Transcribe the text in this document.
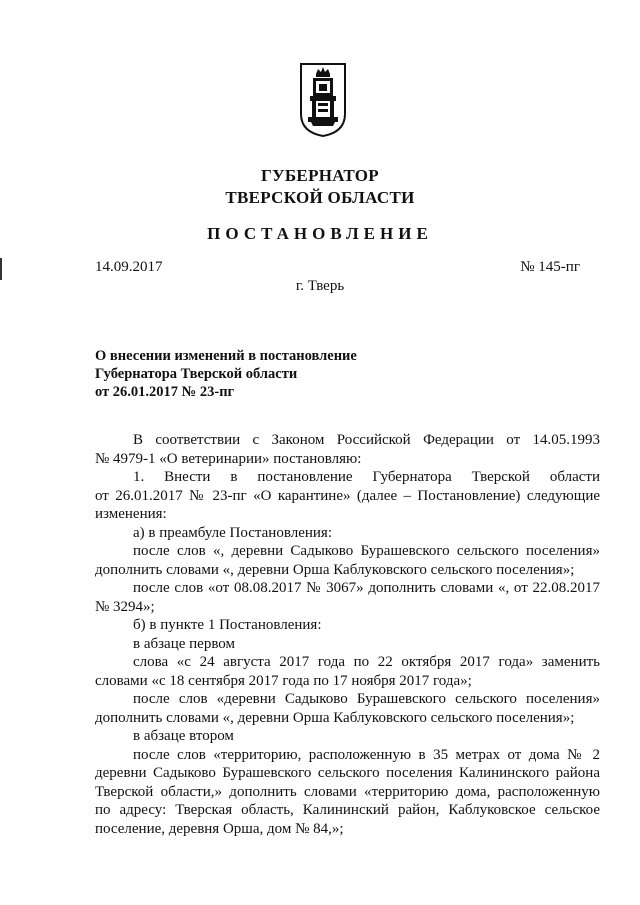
ГУБЕРНАТОР
ТВЕРСКОЙ ОБЛАСТИ
ПОСТАНОВЛЕНИЕ
14.09.2017	№ 145-пг
г. Тверь
О внесении изменений в постановление
Губернатора Тверской области
от 26.01.2017 № 23-пг

В соответствии с Законом Российской Федерации от 14.05.1993

№ 4979-1 «О ветеринарии» постановляю:

1. Внести в постановление Губернатора Тверской области

от 26.01.2017 № 23-пг «О карантине» (далее – Постановление) следующие

изменения:

а) в преамбуле Постановления:

после слов «, деревни Садыково Бурашевского сельского поселения»

дополнить словами «, деревни Орша Каблуковского сельского поселения»;

после слов «от 08.08.2017 № 3067» дополнить словами «, от 22.08.2017

№ 3294»;

б) в пункте 1 Постановления:

в абзаце первом

слова «с 24 августа 2017 года по 22 октября 2017 года» заменить

словами «с 18 сентября 2017 года по 17 ноября 2017 года»;

после слов «деревни Садыково Бурашевского сельского поселения»

дополнить словами «, деревни Орша Каблуковского сельского поселения»;

в абзаце втором

после слов «территорию, расположенную в 35 метрах от дома № 2

деревни Садыково Бурашевского сельского поселения Калининского района

Тверской области,» дополнить словами «территорию дома, расположенную

по адресу: Тверская область, Калининский район, Каблуковское сельское

поселение, деревня Орша, дом № 84,»;
